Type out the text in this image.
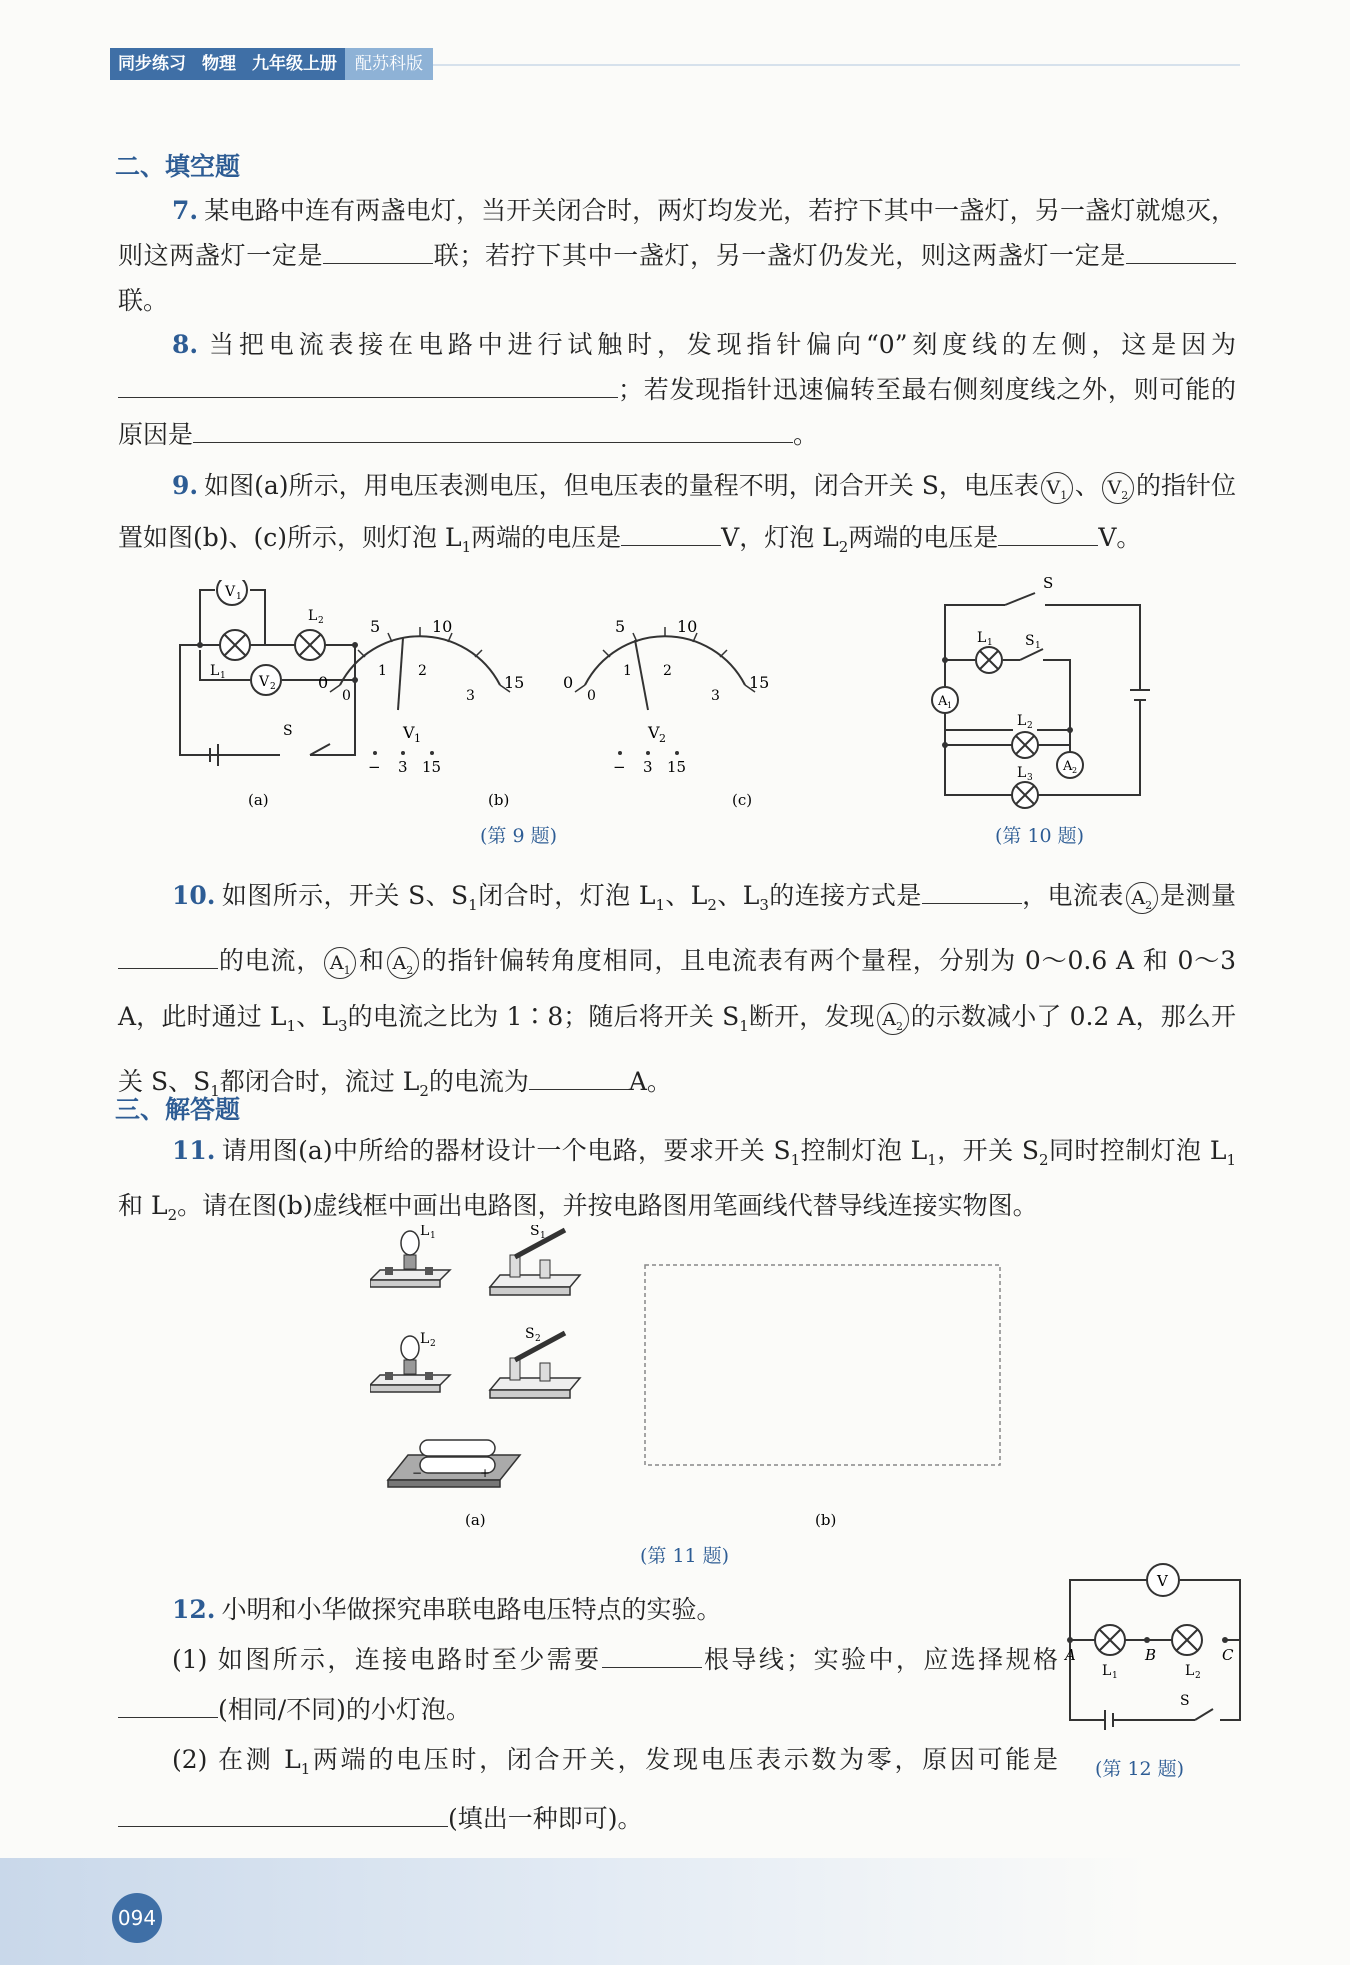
同步练习 物理 九年级上册	配苏科版
二、填空题
7. 某电路中连有两盏电灯，当开关闭合时，两灯均发光，若拧下其中一盏灯，另一盏灯就熄灭，则这两盏灯一定是	联；若拧下其中一盏灯，另一盏灯仍发光，则这两盏灯一定是联。
8. 当把电流表接在电路中进行试触时，发现指针偏向“0”刻度线的左侧，这是因为；若发现指针迅速偏转至最右侧刻度线之外，则可能的原因是	。
9. 如图(a)所示，用电压表测电压，但电压表的量程不明，闭合开关 S，电压表 $V_1$ 、 $V_2$ 的指针位置如图(b)、(c)所示，则灯泡 $L_1$两端的电压是	V，灯泡 $L_2$两端的电压是	V。
V 1
L 1
L 2
V 2
S
0
5	10
15
0
1 2
3
V 1
− 3 15
0
5	10
15
0
1 2
3
V 2
− 3 15
(a)	(b)	(c)
(第 9 题)
S
L 1 S 1
A 1
L 2
A 2
L 3
(第 10 题)
10. 如图所示，开关 S、$S_1$闭合时，灯泡 $L_1$、$L_2$、$L_3$的连接方式是	，电流表 $A_2$ 是测量的电流， $A_1$ 和 $A_2$ 的指针偏转角度相同，且电流表有两个量程，分别为 0～0.6 A 和 0～3 A，此时通过 $L_1$、$L_3$的电流之比为 1∶8；随后将开关 $S_1$断开，发现 $A_2$ 的示数减小了 0.2 A，那么开关 S、$S_1$都闭合时，流过 $L_2$的电流为	A。
三、解答题
11. 请用图(a)中所给的器材设计一个电路，要求开关 $S_1$控制灯泡 $L_1$，开关 $S_2$同时控制灯泡 $L_1$和 $L_2$。请在图(b)虚线框中画出电路图，并按电路图用笔画线代替导线连接实物图。
L 1	S 1
L 2
S 2
−	+
(a)	(b)
(第 11 题)
12. 小明和小华做探究串联电路电压特点的实验。
(1) 如图所示，连接电路时至少需要	根导线；实验中，应选择规格(相同/不同)的小灯泡。
(2) 在测 $L_1$两端的电压时，闭合开关，发现电压表示数为零，原因可能是(填出一种即可)。
V
L 1	L 2
A	B	C
S
(第 12 题)
094
